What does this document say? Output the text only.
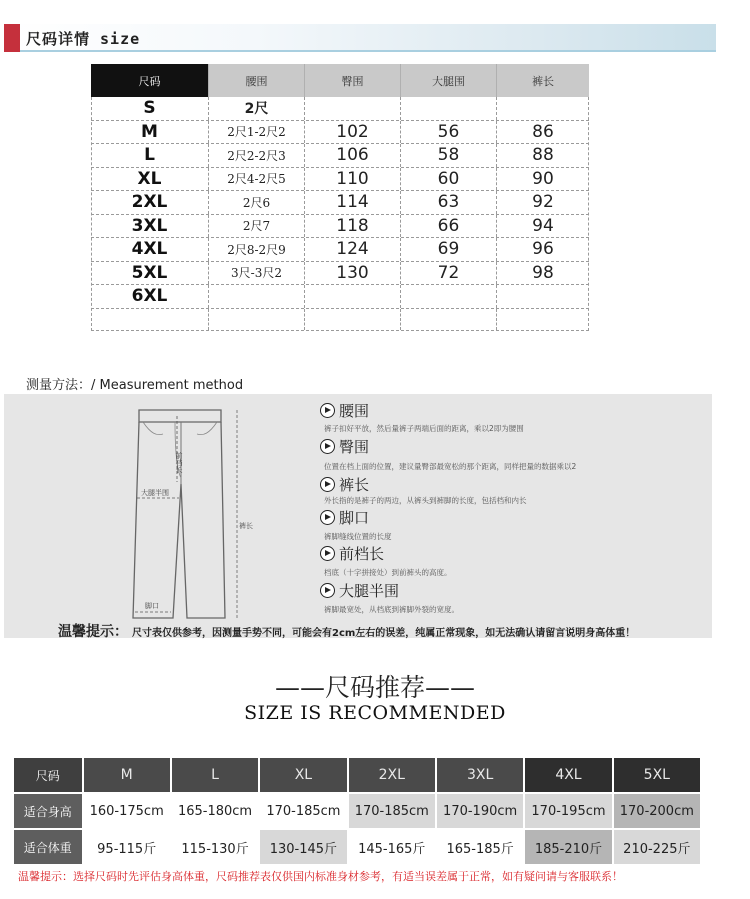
尺码详情 size
尺码	腰围	臀围	大腿围	裤长
S	2尺
M	2尺1-2尺2	102	56	86
L	2尺2-2尺3	106	58	88
XL	2尺4-2尺5	110	60	90
2XL	2尺6	114	63	92
3XL	2尺7	118	66	94
4XL	2尺8-2尺9	124	69	96
5XL	3尺-3尺2	130	72	98
6XL
测量方法：/ Measurement method
前裆长
大腿半围
裤长
脚口
腰围
裤子扣好平放，然后量裤子两端后面的距离，乘以2即为腰围
臀围
位置在档上面的位置，建议量臀部最宽松的那个距离，同样把量的数据乘以2
裤长
外长指的是裤子的两边，从裤头到裤脚的长度，包括档和内长
脚口
裤脚缝线位置的长度
前档长
档底（十字拼接处）到前裤头的高度。
大腿半围
裤脚最宽处，从档底到裤脚外裂的宽度。
温馨提示： 尺寸表仅供参考，因测量手势不同，可能会有2cm左右的误差，纯属正常现象，如无法确认请留言说明身高体重！
——尺码推荐——
SIZE IS RECOMMENDED
尺码	M	L	XL	2XL	3XL	4XL	5XL
适合身高	160-175cm	165-180cm	170-185cm	170-185cm	170-190cm	170-195cm	170-200cm
适合体重	95-115斤	115-130斤	130-145斤	145-165斤	165-185斤	185-210斤	210-225斤
温馨提示：选择尺码时先评估身高体重，尺码推荐表仅供国内标准身材参考，有适当误差属于正常，如有疑问请与客服联系！
